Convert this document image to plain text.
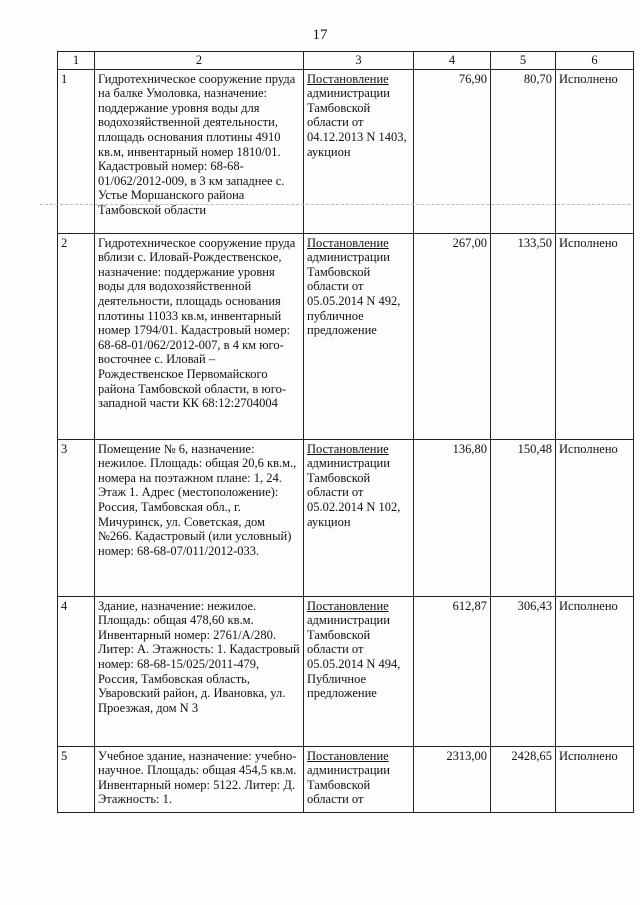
17
1	2	3	4	5	6
1	Гидротехническое сооружение пруда на балке Умоловка, назначение: поддержание уровня воды для водохозяйственной деятельности, площадь основания плотины 4910 кв.м, инвентарный номер 1810/01. Кадастровый номер: 68-68-01/062/2012-009, в 3 км западнее с. Устье Моршанского района Тамбовской области	Постановление администрации Тамбовской области от 04.12.2013 N 1403, аукцион	76,90	80,70	Исполнено
2	Гидротехническое сооружение пруда вблизи с. Иловай-Рождественское, назначение: поддержание уровня воды для водохозяйственной деятельности, площадь основания плотины 11033 кв.м, инвентарный номер 1794/01. Кадастровый номер: 68-68-01/062/2012-007, в 4 км юго-восточнее с. Иловай – Рождественское Первомайского района Тамбовской области, в юго-западной части КК 68:12:2704004	Постановление администрации Тамбовской области от 05.05.2014 N 492, публичное предложение	267,00	133,50	Исполнено
3	Помещение № 6, назначение: нежилое. Площадь: общая 20,6 кв.м., номера на поэтажном плане: 1, 24. Этаж 1. Адрес (местоположение): Россия, Тамбовская обл., г. Мичуринск, ул. Советская, дом №266. Кадастровый (или условный) номер: 68-68-07/011/2012-033.	Постановление администрации Тамбовской области от 05.02.2014 N 102, аукцион	136,80	150,48	Исполнено
4	Здание, назначение: нежилое. Площадь: общая 478,60 кв.м. Инвентарный номер: 2761/А/280. Литер: А. Этажность: 1. Кадастровый номер: 68-68-15/025/2011-479, Россия, Тамбовская область, Уваровский район, д. Ивановка, ул. Проезжая, дом N 3	Постановление администрации Тамбовской области от 05.05.2014 N 494, Публичное предложение	612,87	306,43	Исполнено
5	Учебное здание, назначение: учебно-научное. Площадь: общая 454,5 кв.м. Инвентарный номер: 5122. Литер: Д. Этажность: 1.	Постановление администрации Тамбовской области от	2313,00	2428,65	Исполнено
